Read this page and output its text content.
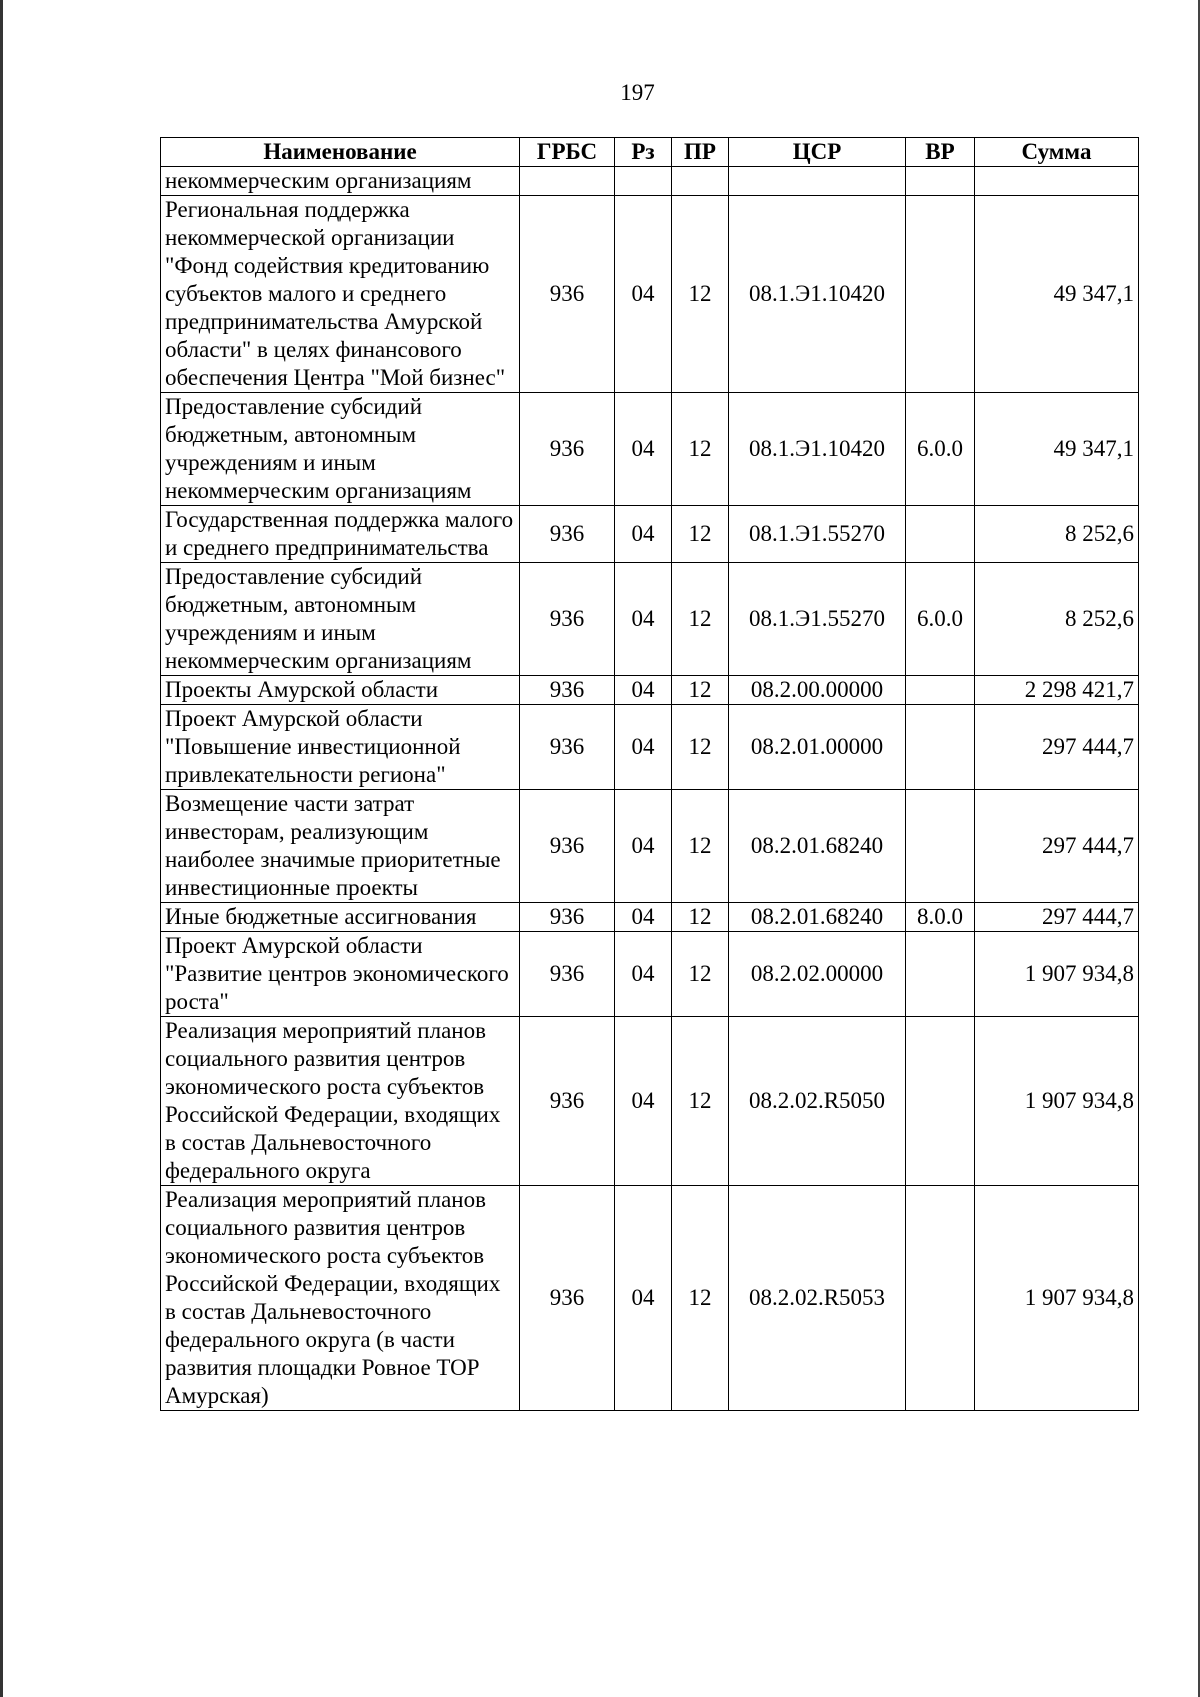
197
Наименование	ГРБС	Рз	ПР	ЦСР	ВР	Сумма
некоммерческим организациям						
Региональная поддержка некоммерческой организации "Фонд содействия кредитованию субъектов малого и среднего предпринимательства Амурской области" в целях финансового обеспечения Центра "Мой бизнес"	936	04	12	08.1.Э1.10420		49 347,1
Предоставление субсидий бюджетным, автономным учреждениям и иным некоммерческим организациям	936	04	12	08.1.Э1.10420	6.0.0	49 347,1
Государственная поддержка малого и среднего предпринимательства	936	04	12	08.1.Э1.55270		8 252,6
Предоставление субсидий бюджетным, автономным учреждениям и иным некоммерческим организациям	936	04	12	08.1.Э1.55270	6.0.0	8 252,6
Проекты Амурской области	936	04	12	08.2.00.00000		2 298 421,7
Проект Амурской области "Повышение инвестиционной привлекательности региона"	936	04	12	08.2.01.00000		297 444,7
Возмещение части затрат инвесторам, реализующим наиболее значимые приоритетные инвестиционные проекты	936	04	12	08.2.01.68240		297 444,7
Иные бюджетные ассигнования	936	04	12	08.2.01.68240	8.0.0	297 444,7
Проект Амурской области "Развитие центров экономического роста"	936	04	12	08.2.02.00000		1 907 934,8
Реализация мероприятий планов социального развития центров экономического роста субъектов Российской Федерации, входящих в состав Дальневосточного федерального округа	936	04	12	08.2.02.R5050		1 907 934,8
Реализация мероприятий планов социального развития центров экономического роста субъектов Российской Федерации, входящих в состав Дальневосточного федерального округа (в части развития площадки Ровное ТОР Амурская)	936	04	12	08.2.02.R5053		1 907 934,8
